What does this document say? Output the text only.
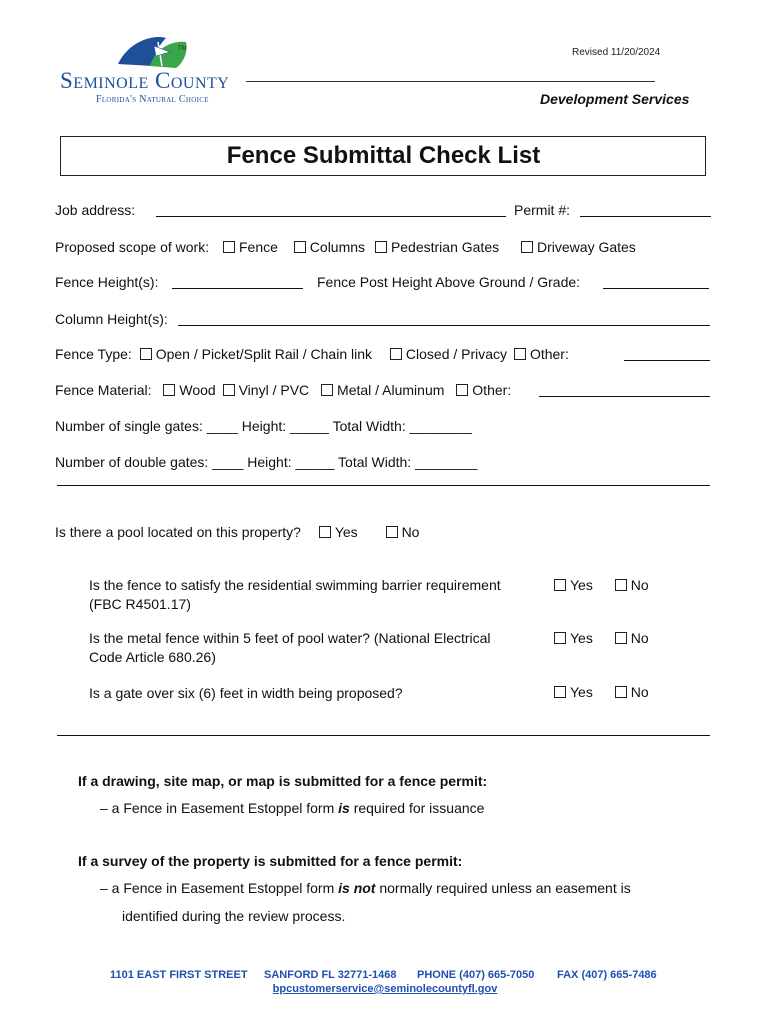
TM
Seminole County
Florida's Natural Choice
Revised 11/20/2024
Development Services
Fence Submittal Check List
Job address:	Permit #:
Proposed scope of work: Fence Columns Pedestrian Gates	Driveway Gates
Fence Height(s):	Fence Post Height Above Ground / Grade:
Column Height(s):
Fence Type: Open / Picket/Split Rail / Chain link Closed / Privacy Other:
Fence Material: Wood Vinyl / PVC Metal / Aluminum Other:
Number of single gates: ____ Height: _____ Total Width: ________
Number of double gates: ____ Height: _____ Total Width: ________
Is there a pool located on this property? Yes	No
Is the fence to satisfy the residential swimming barrier requirement
(FBC R4501.17)
Yes	No
Is the metal fence within 5 feet of pool water? (National Electrical
Code Article 680.26)
Yes	No
Is a gate over six (6) feet in width being proposed?	Yes	No
If a drawing, site map, or map is submitted for a fence permit:
– a Fence in Easement Estoppel form is required for issuance
If a survey of the property is submitted for a fence permit:
– a Fence in Easement Estoppel form is not normally required unless an easement is
identified during the review process.
1101 EAST FIRST STREET SANFORD FL 32771-1468 PHONE (407) 665-7050 FAX (407) 665-7486
bpcustomerservice@seminolecountyfl.gov
